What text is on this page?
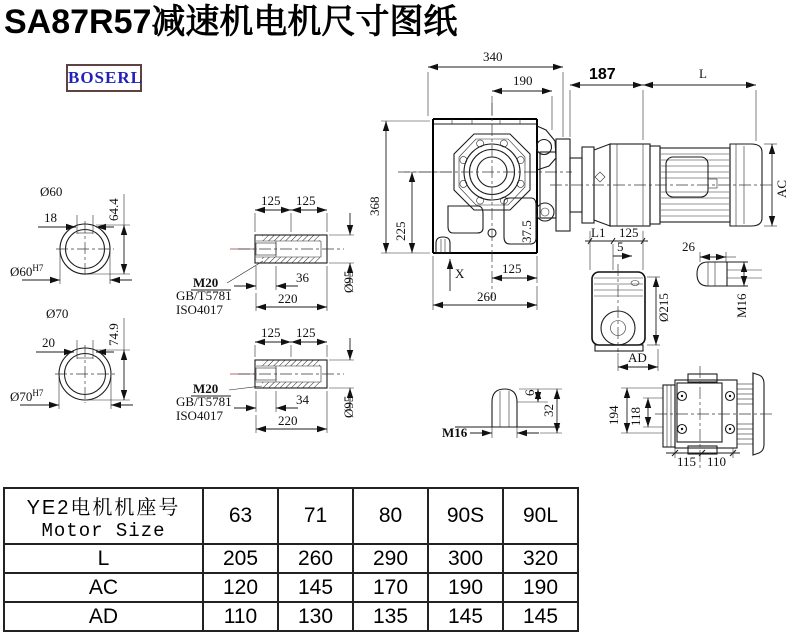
Ø60
18	64.4
$Ø60^{H7}$
Ø70
20	74.9
$Ø70^{H7}$
125 125
M20
GB/T5781
ISO4017
36
220
Ø95
125 125
M20
GB/T5781
ISO4017
34
220
Ø95
340
190
368
225	37.5
X	125
260
187	L
AC
L1 125
5
Ø215
AD
6
32
M16
26
M16
194 118
115 110
SA87R57减速机电机尺寸图纸
BOSERL
YE2电机机座号
Motor Size	63	71	80	90S	90L
L	205	260	290	300	320
AC	120	145	170	190	190
AD	110	130	135	145	145
